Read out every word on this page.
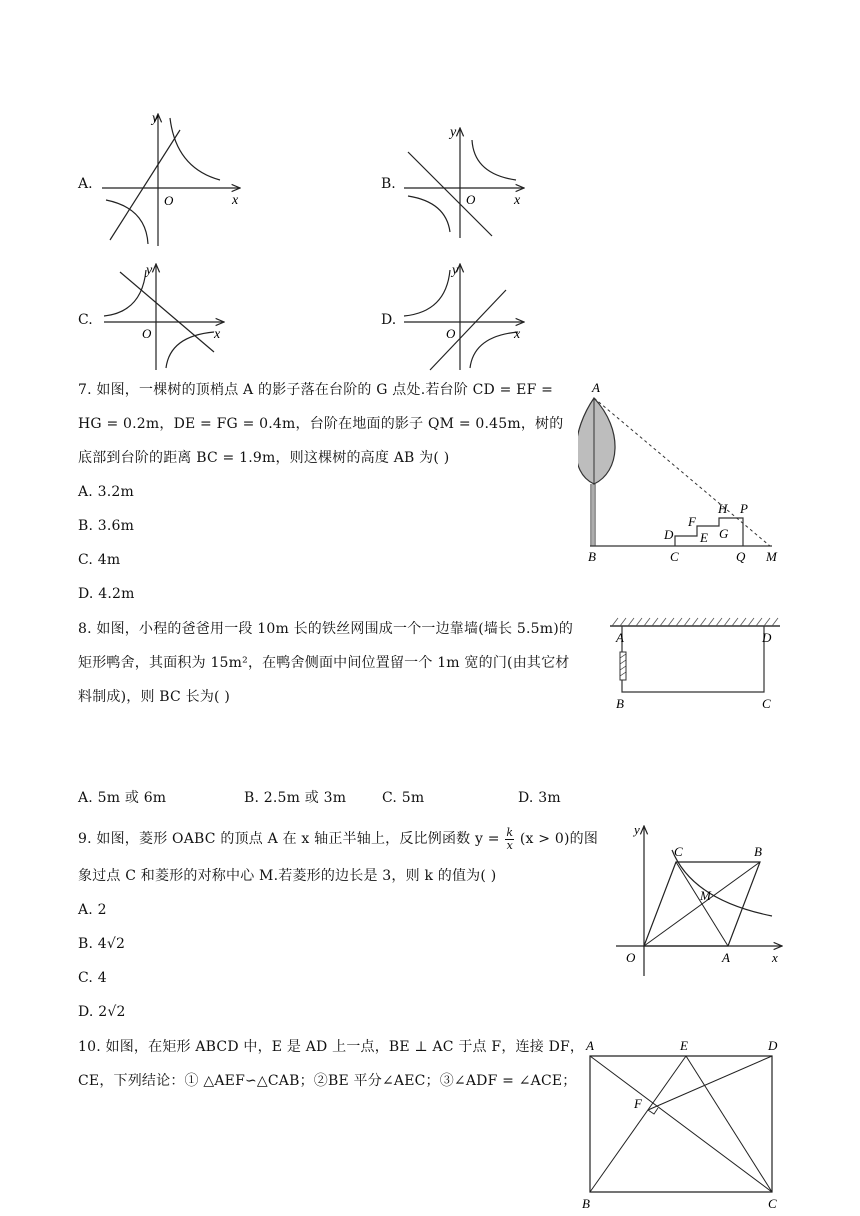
A.
y
x
O
B.
y
x
O
C.
y
x
O
D.
y
x
O
7. 如图，一棵树的顶梢点 A 的影子落在台阶的 G 点处.若台阶 CD = EF =
HG = 0.2m，DE = FG = 0.4m，台阶在地面的影子 QM = 0.45m，树的
底部到台阶的距离 BC = 1.9m，则这棵树的高度 AB 为( )
A. 3.2m
B. 3.6m
C. 4m
D. 4.2m
A
B	C
D E
F
G
H P
Q M
8. 如图，小程的爸爸用一段 10m 长的铁丝网围成一个一边靠墙(墙长 5.5m)的
矩形鸭舍，其面积为 15m²，在鸭舍侧面中间位置留一个 1m 宽的门(由其它材
料制成)，则 BC 长为( )
A
B	C
D
A. 5m 或 6m	B. 2.5m 或 3m	C. 5m	D. 3m
9. 如图，菱形 OABC 的顶点 A 在 x 轴正半轴上，反比例函数 $y = \frac{k}{x} (x > 0)$的图
象过点 C 和菱形的对称中心 M.若菱形的边长是 3，则 k 的值为( )
A. 2
B. 4√2
C. 4
D. 2√2
y
x
O	A
B
C
M
10. 如图，在矩形 ABCD 中，E 是 AD 上一点，BE ⊥ AC 于点 F，连接 DF，
CE，下列结论：① △AEF∽△CAB；②BE 平分∠AEC；③∠ADF = ∠ACE；
A	E	D
F
B	C
